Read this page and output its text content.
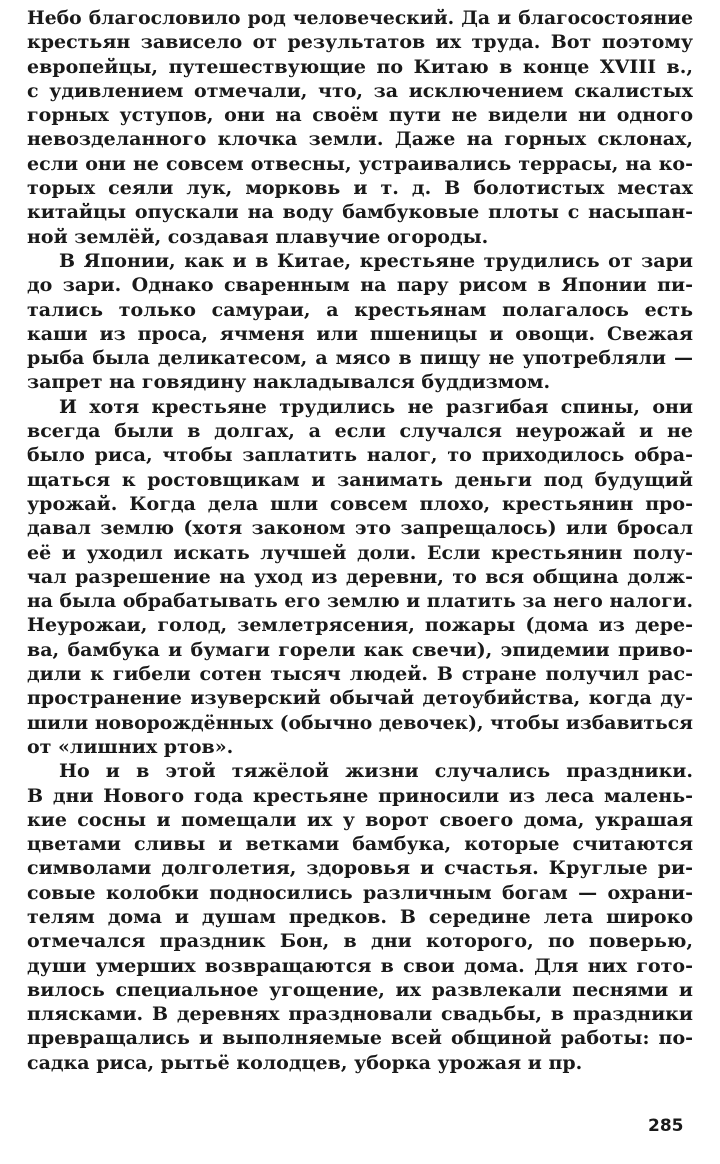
Небо благословило род человеческий. Да и благосостояние
крестьян зависело от результатов их труда. Вот поэтому
европейцы, путешествующие по Китаю в конце XVIII в.,
с удивлением отмечали, что, за исключением скалистых
горных уступов, они на своём пути не видели ни одного
невозделанного клочка земли. Даже на горных склонах,
если они не совсем отвесны, устраивались террасы, на ко-
торых сеяли лук, морковь и т. д. В болотистых местах
китайцы опускали на воду бамбуковые плоты с насыпан-
ной землёй, создавая плавучие огороды.
В Японии, как и в Китае, крестьяне трудились от зари
до зари. Однако сваренным на пару рисом в Японии пи-
тались только самураи, а крестьянам полагалось есть
каши из проса, ячменя или пшеницы и овощи. Свежая
рыба была деликатесом, а мясо в пищу не употребляли —
запрет на говядину накладывался буддизмом.
И хотя крестьяне трудились не разгибая спины, они
всегда были в долгах, а если случался неурожай и не
было риса, чтобы заплатить налог, то приходилось обра-
щаться к ростовщикам и занимать деньги под будущий
урожай. Когда дела шли совсем плохо, крестьянин про-
давал землю (хотя законом это запрещалось) или бросал
её и уходил искать лучшей доли. Если крестьянин полу-
чал разрешение на уход из деревни, то вся община долж-
на была обрабатывать его землю и платить за него налоги.
Неурожаи, голод, землетрясения, пожары (дома из дере-
ва, бамбука и бумаги горели как свечи), эпидемии приво-
дили к гибели сотен тысяч людей. В стране получил рас-
пространение изуверский обычай детоубийства, когда ду-
шили новорождённых (обычно девочек), чтобы избавиться
от «лишних ртов».
Но и в этой тяжёлой жизни случались праздники.
В дни Нового года крестьяне приносили из леса малень-
кие сосны и помещали их у ворот своего дома, украшая
цветами сливы и ветками бамбука, которые считаются
символами долголетия, здоровья и счастья. Круглые ри-
совые колобки подносились различным богам — охрани-
телям дома и душам предков. В середине лета широко
отмечался праздник Бон, в дни которого, по поверью,
души умерших возвращаются в свои дома. Для них гото-
вилось специальное угощение, их развлекали песнями и
плясками. В деревнях праздновали свадьбы, в праздники
превращались и выполняемые всей общиной работы: по-
садка риса, рытьё колодцев, уборка урожая и пр.
285
